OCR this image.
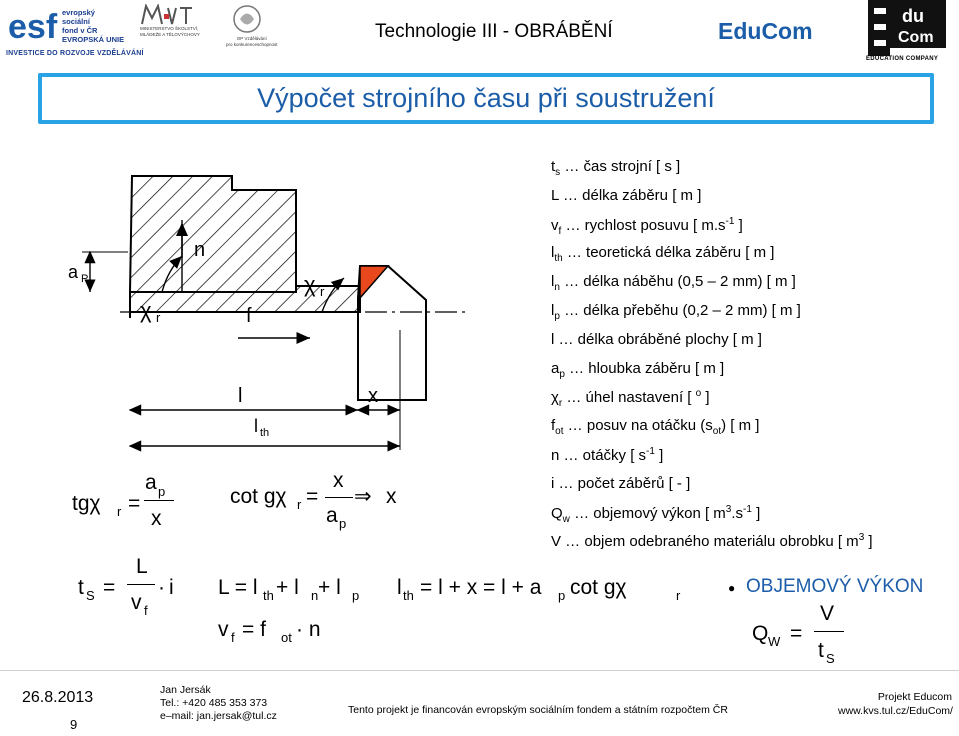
esf evropský
sociální
fond v ČR
EVROPSKÁ UNIE
INVESTICE DO ROZVOJE VZDĚLÁVÁNÍ
MINISTERSTVO ŠKOLSTVÍ,
MLÁDEŽE A TĚLOVÝCHOVY
OP Vzdělávání
pro konkurenceschopnost
Technologie III - OBRÁBĚNÍ	EduCom
du
Com
E
EDUCATION COMPANY
Výpočet strojního času při soustružení
a P
χ r
n
f
χ r
l
l th
x
$t_s$ … čas strojní [ s ]
L … délka záběru [ m ]
$v_f$ … rychlost posuvu [ $m.s^{-1}$ ]
$l_{th}$ … teoretická délka záběru [ m ]
$l_n$ … délka náběhu (0,5 – 2 mm) [ m ]
$l_p$ … délka přeběhu (0,2 – 2 mm) [ m ]
l … délka obráběné plochy [ m ]
$a_p$ … hloubka záběru [ m ]
$\chi_r$ … úhel nastavení [ $^o$ ]
$f_{ot}$ … posuv na otáčku $(s_{ot})$ [ m ]
n … otáčky [ $s^{-1}$ ]
i … počet záběrů [ - ]
$Q_w$ … objemový výkon [ $m^3.s^{-1}$ ]
V … objem odebraného materiálu obrobku [ $m^3$ ]
tgχ r =
a p
x
cot gχ r =
x
a p
⇒ x
t S =
L
v f
· i L = l th + l n + l p
v f = f ot · n
l th = l + x = l + a p cot gχ	r	● OBJEMOVÝ VÝKON
Q W =
V
t S
26.8.2013
9
Jan Jersák
Tel.: +420 485 353 373
e–mail: jan.jersak@tul.cz	Tento projekt je financován evropským sociálním fondem a státním rozpočtem ČR
Projekt Educom
www.kvs.tul.cz/EduCom/
